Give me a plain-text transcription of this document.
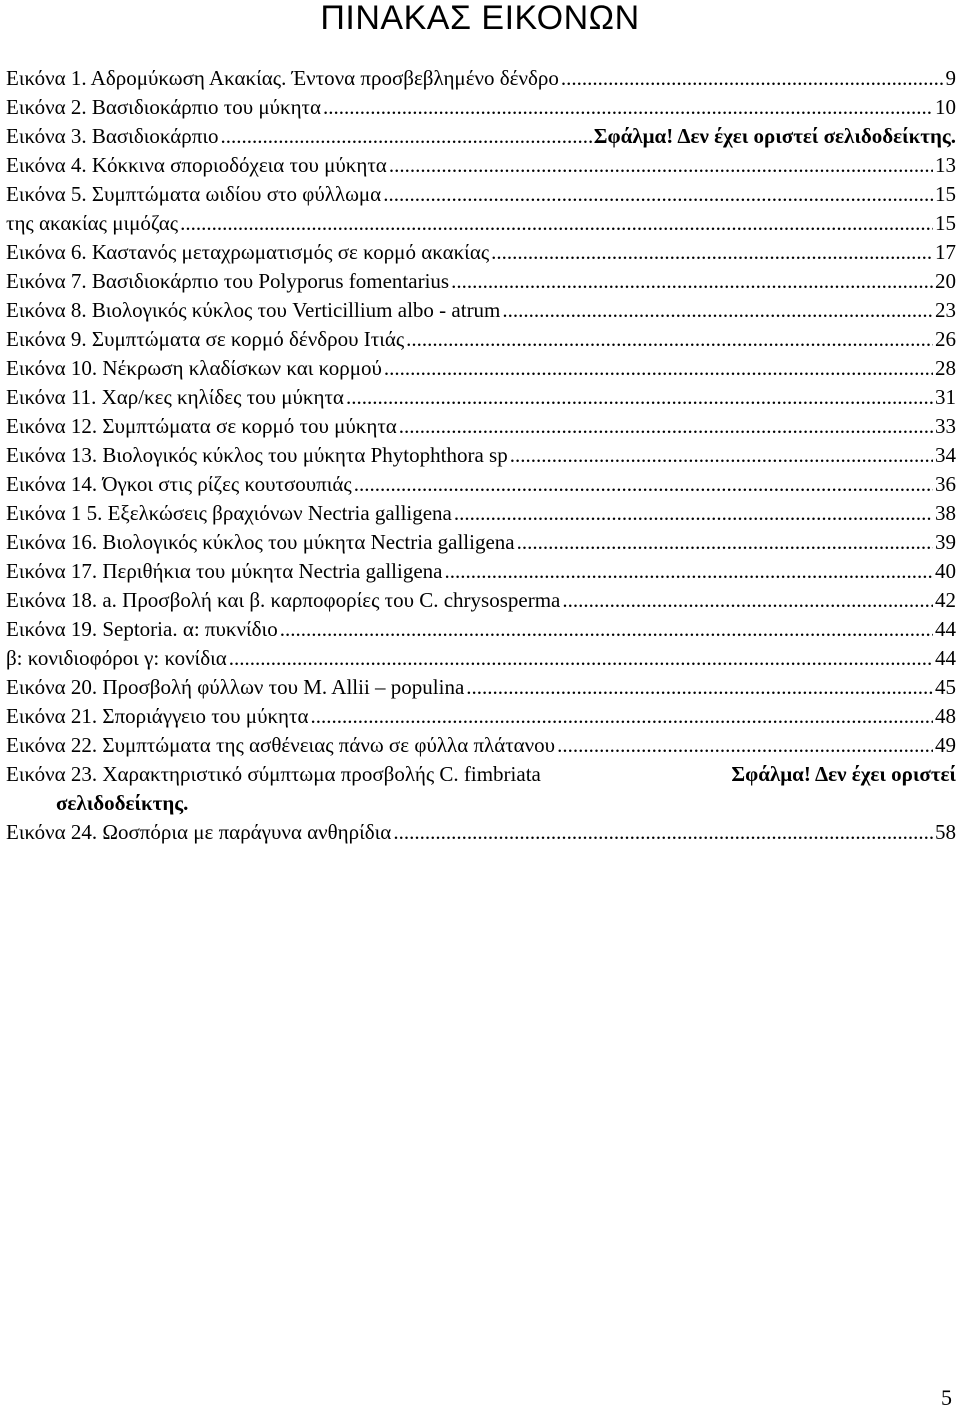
ΠΙΝΑΚΑΣ ΕΙΚΟΝΩΝ
Εικόνα 1. Αδρομύκωση Ακακίας. Έντονα προσβεβλημένο δένδρο .....	9
Εικόνα 2. Βασιδιοκάρπιο του μύκητα .....	10
Εικόνα 3. Βασιδιοκάρπιο .....	Σφάλμα! Δεν έχει οριστεί σελιδοδείκτης.
Εικόνα 4. Κόκκινα σποριοδόχεια του μύκητα .....	13
Εικόνα 5. Συμπτώματα ωιδίου στο φύλλωμα .....	15
της ακακίας μιμόζας .....	15
Εικόνα 6. Καστανός μεταχρωματισμός σε κορμό ακακίας .....	17
Εικόνα 7. Βασιδιοκάρπιο του Polyporus fomentarius .....	20
Εικόνα 8. Βιολογικός κύκλος του Verticillium albo - atrum .....	23
Εικόνα 9. Συμπτώματα σε κορμό δένδρου Ιτιάς .....	26
Εικόνα 10. Νέκρωση κλαδίσκων και κορμού .....	28
Εικόνα 11. Χαρ/κες κηλίδες του μύκητα .....	31
Εικόνα 12. Συμπτώματα σε κορμό του μύκητα .....	33
Εικόνα 13. Βιολογικός κύκλος του μύκητα Phytophthora sp .....	34
Εικόνα 14. Όγκοι στις ρίζες κουτσουπιάς .....	36
Εικόνα 1 5. Εξελκώσεις βραχιόνων Nectria galligena .....	38
Εικόνα 16. Βιολογικός κύκλος του μύκητα Nectria galligena .....	39
Εικόνα 17. Περιθήκια του μύκητα Nectria galligena .....	40
Εικόνα 18. a. Προσβολή και β. καρποφορίες του C. chrysosperma .....	42
Εικόνα 19. Septoria. α: πυκνίδιο .....	44
β: κονιδιοφόροι γ: κονίδια .....	44
Εικόνα 20. Προσβολή φύλλων του M. Allii – populina .....	45
Εικόνα 21. Σποριάγγειο του μύκητα .....	48
Εικόνα 22. Συμπτώματα της ασθένειας πάνω σε φύλλα πλάτανου .....	49
Εικόνα 23. Χαρακτηριστικό σύμπτωμα προσβολής C. fimbriata	Σφάλμα! Δεν έχει οριστεί
σελιδοδείκτης.
Εικόνα 24. Ωοσπόρια με παράγυνα ανθηρίδια .....	58
5
